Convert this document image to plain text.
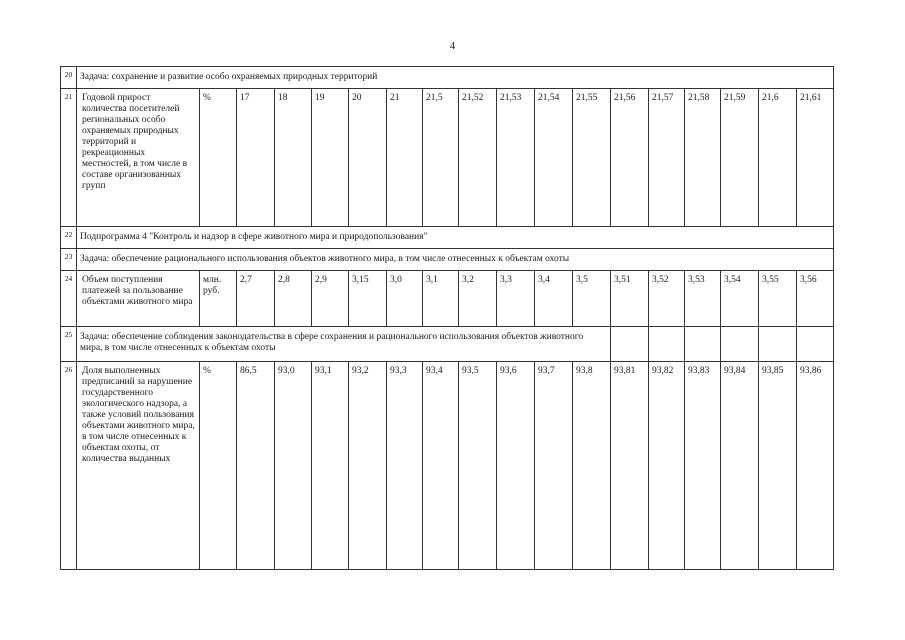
4
20	Задача: сохранение и развитие особо охраняемых природных территорий																	
21	Годовой прирост количества посетителей региональных особо охраняемых природных территорий и рекреационных местностей, в том числе в составе организованных групп	%	17	18	19	20	21	21,5	21,52	21,53	21,54	21,55	21,56	21,57	21,58	21,59	21,6	21,61
22	Подпрограмма 4 "Контроль и надзор в сфере животного мира и природопользования"																	
23	Задача: обеспечение рационального использования объектов животного мира, в том числе отнесенных к объектам охоты																	
24	Объем поступления платежей за пользование объектами животного мира	млн. руб.	2,7	2,8	2,9	3,15	3,0	3,1	3,2	3,3	3,4	3,5	3,51	3,52	3,53	3,54	3,55	3,56
25	Задача: обеспечение соблюдения законодательства в сфере сохранения и рационального использования объектов животного мира, в том числе отнесенных к объектам охоты																	
26	Доля выполненных предписаний за нарушение государственного экологического надзора, а также условий пользования объектами животного мира, в том числе отнесенных к объектам охоты, от количества выданных	%	86,5	93,0	93,1	93,2	93,3	93,4	93,5	93,6	93,7	93,8	93,81	93,82	93,83	93,84	93,85	93,86
